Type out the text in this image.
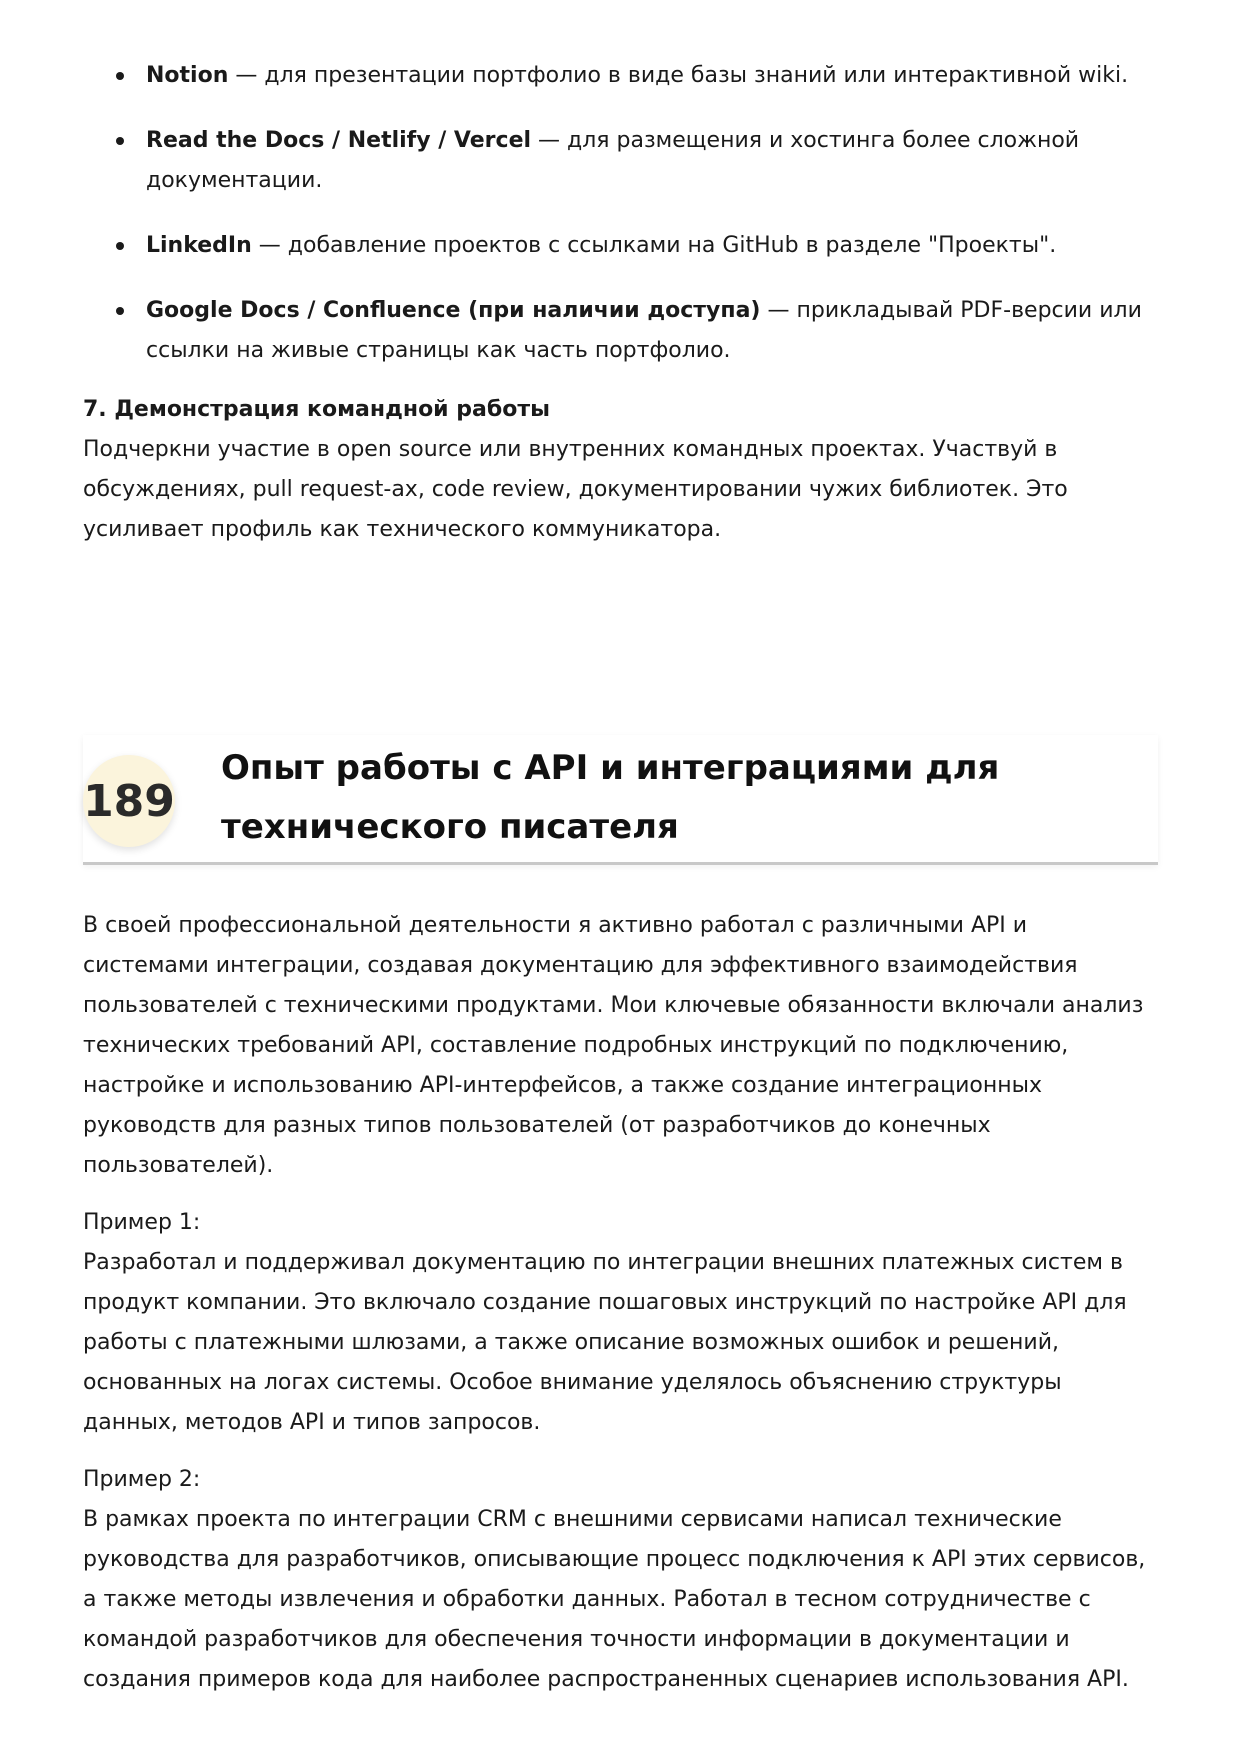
Notion — для презентации портфолио в виде базы знаний или интерактивной wiki.
Read the Docs / Netlify / Vercel — для размещения и хостинга более сложной документации.
LinkedIn — добавление проектов с ссылками на GitHub в разделе "Проекты".
Google Docs / Confluence (при наличии доступа) — прикладывай PDF-версии или ссылки на живые страницы как часть портфолио.
7. Демонстрация командной работы

Подчеркни участие в open source или внутренних командных проектах. Участвуй в обсуждениях, pull request-ах, code review, документировании чужих библиотек. Это усиливает профиль как технического коммуникатора.

189
Опыт работы с API и интеграциями для технического писателя

В своей профессиональной деятельности я активно работал с различными API и системами интеграции, создавая документацию для эффективного взаимодействия пользователей с техническими продуктами. Мои ключевые обязанности включали анализ технических требований API, составление подробных инструкций по подключению, настройке и использованию API-интерфейсов, а также создание интеграционных руководств для разных типов пользователей (от разработчиков до конечных пользователей).

Пример 1:
Разработал и поддерживал документацию по интеграции внешних платежных систем в продукт компании. Это включало создание пошаговых инструкций по настройке API для работы с платежными шлюзами, а также описание возможных ошибок и решений, основанных на логах системы. Особое внимание уделялось объяснению структуры данных, методов API и типов запросов.

Пример 2:
В рамках проекта по интеграции CRM с внешними сервисами написал технические руководства для разработчиков, описывающие процесс подключения к API этих сервисов, а также методы извлечения и обработки данных. Работал в тесном сотрудничестве с командой разработчиков для обеспечения точности информации в документации и создания примеров кода для наиболее распространенных сценариев использования API.
